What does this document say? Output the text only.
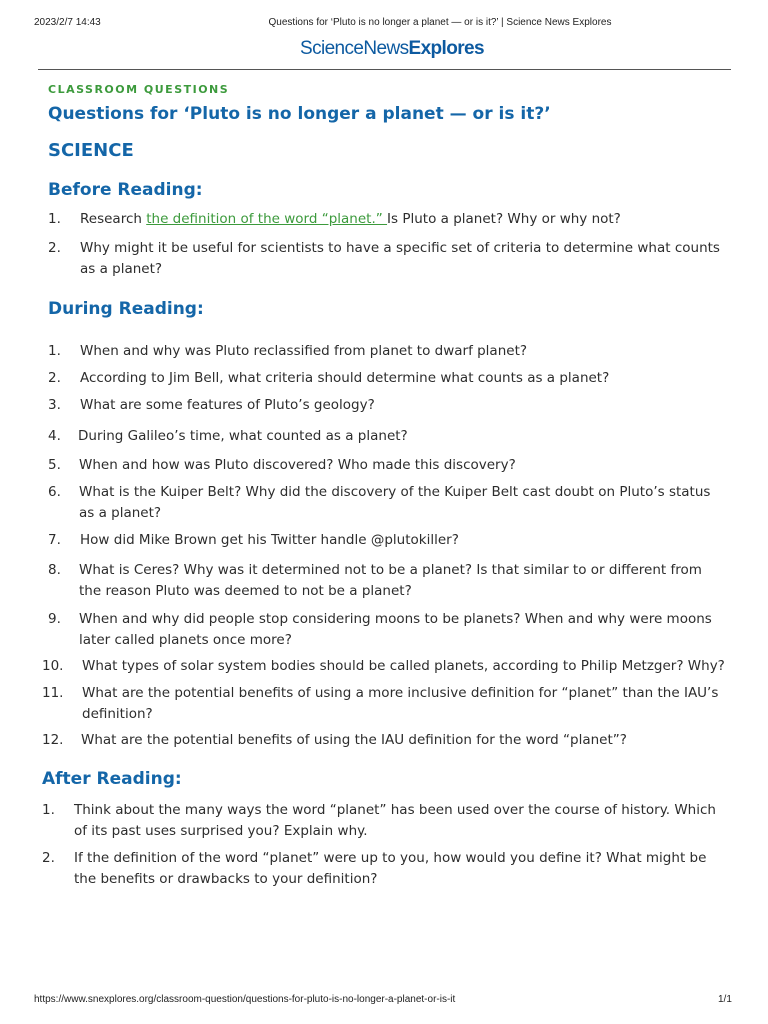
2023/2/7 14:43	Questions for ‘Pluto is no longer a planet — or is it?’ | Science News Explores
ScienceNewsExplores
CLASSROOM QUESTIONS
Questions for ‘Pluto is no longer a planet — or is it?’
SCIENCE
Before Reading:
1. Research the definition of the word “planet.” Is Pluto a planet? Why or why not?
2. Why might it be useful for scientists to have a specific set of criteria to determine what counts as a planet?
During Reading:
1. When and why was Pluto reclassified from planet to dwarf planet?
2. According to Jim Bell, what criteria should determine what counts as a planet?
3. What are some features of Pluto’s geology?
4. During Galileo’s time, what counted as a planet?
5. When and how was Pluto discovered? Who made this discovery?
6. What is the Kuiper Belt? Why did the discovery of the Kuiper Belt cast doubt on Pluto’s status as a planet?
7. How did Mike Brown get his Twitter handle @plutokiller?
8. What is Ceres? Why was it determined not to be a planet? Is that similar to or different from the reason Pluto was deemed to not be a planet?
9. When and why did people stop considering moons to be planets? When and why were moons later called planets once more?
10. What types of solar system bodies should be called planets, according to Philip Metzger? Why?
11. What are the potential benefits of using a more inclusive definition for “planet” than the IAU’s definition?
12. What are the potential benefits of using the IAU definition for the word “planet”?
After Reading:
1. Think about the many ways the word “planet” has been used over the course of history. Which of its past uses surprised you? Explain why.
2. If the definition of the word “planet” were up to you, how would you define it? What might be the benefits or drawbacks to your definition?
https://www.snexplores.org/classroom-question/questions-for-pluto-is-no-longer-a-planet-or-is-it	1/1
